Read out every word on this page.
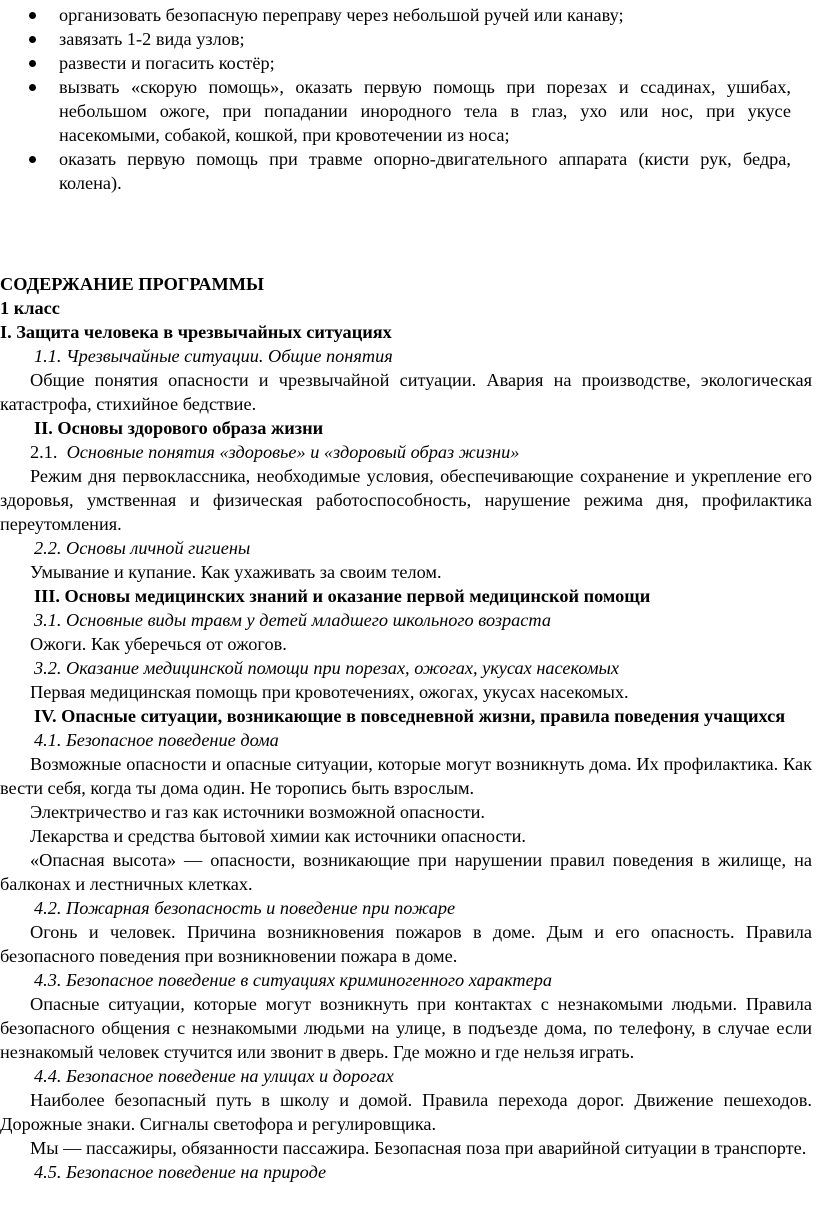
организовать безопасную переправу через небольшой ручей или канаву;
завязать 1-2 вида узлов;
развести и погасить костёр;
вызвать «скорую помощь», оказать первую помощь при порезах и ссадинах, ушибах, небольшом ожоге, при попадании инородного тела в глаз, ухо или нос, при укусе насекомыми, собакой, кошкой, при кровотечении из носа;
оказать первую помощь при травме опорно-двигательного аппарата (кисти рук, бедра, колена).
СОДЕРЖАНИЕ ПРОГРАММЫ
1 класс
I. Защита человека в чрезвычайных ситуациях
1.1. Чрезвычайные ситуации. Общие понятия
Общие понятия опасности и чрезвычайной ситуации. Авария на производстве, экологическая катастрофа, стихийное бедствие.
II. Основы здорового образа жизни
2.1. Основные понятия «здоровье» и «здоровый образ жизни»
Режим дня первоклассника, необходимые условия, обеспечивающие сохранение и укрепление его здоровья, умственная и физическая работоспособность, нарушение режима дня, профилактика переутомления.
2.2. Основы личной гигиены
Умывание и купание. Как ухаживать за своим телом.
III. Основы медицинских знаний и оказание первой медицинской помощи
3.1. Основные виды травм у детей младшего школьного возраста
Ожоги. Как уберечься от ожогов.
3.2. Оказание медицинской помощи при порезах, ожогах, укусах насекомых
Первая медицинская помощь при кровотечениях, ожогах, укусах насекомых.
IV. Опасные ситуации, возникающие в повседневной жизни, правила поведения учащихся
4.1. Безопасное поведение дома
Возможные опасности и опасные ситуации, которые могут возникнуть дома. Их профилактика. Как вести себя, когда ты дома один. Не торопись быть взрослым.
Электричество и газ как источники возможной опасности.
Лекарства и средства бытовой химии как источники опасности.
«Опасная высота» — опасности, возникающие при нарушении правил поведения в жилище, на балконах и лестничных клетках.
4.2. Пожарная безопасность и поведение при пожаре
Огонь и человек. Причина возникновения пожаров в доме. Дым и его опасность. Правила безопасного поведения при возникновении пожара в доме.
4.3. Безопасное поведение в ситуациях криминогенного характера
Опасные ситуации, которые могут возникнуть при контактах с незнакомыми людьми. Правила безопасного общения с незнакомыми людьми на улице, в подъезде дома, по телефону, в случае если незнакомый человек стучится или звонит в дверь. Где можно и где нельзя играть.
4.4. Безопасное поведение на улицах и дорогах
Наиболее безопасный путь в школу и домой. Правила перехода дорог. Движение пешеходов. Дорожные знаки. Сигналы светофора и регулировщика.
Мы — пассажиры, обязанности пассажира. Безопасная поза при аварийной ситуации в транспорте.
4.5. Безопасное поведение на природе
